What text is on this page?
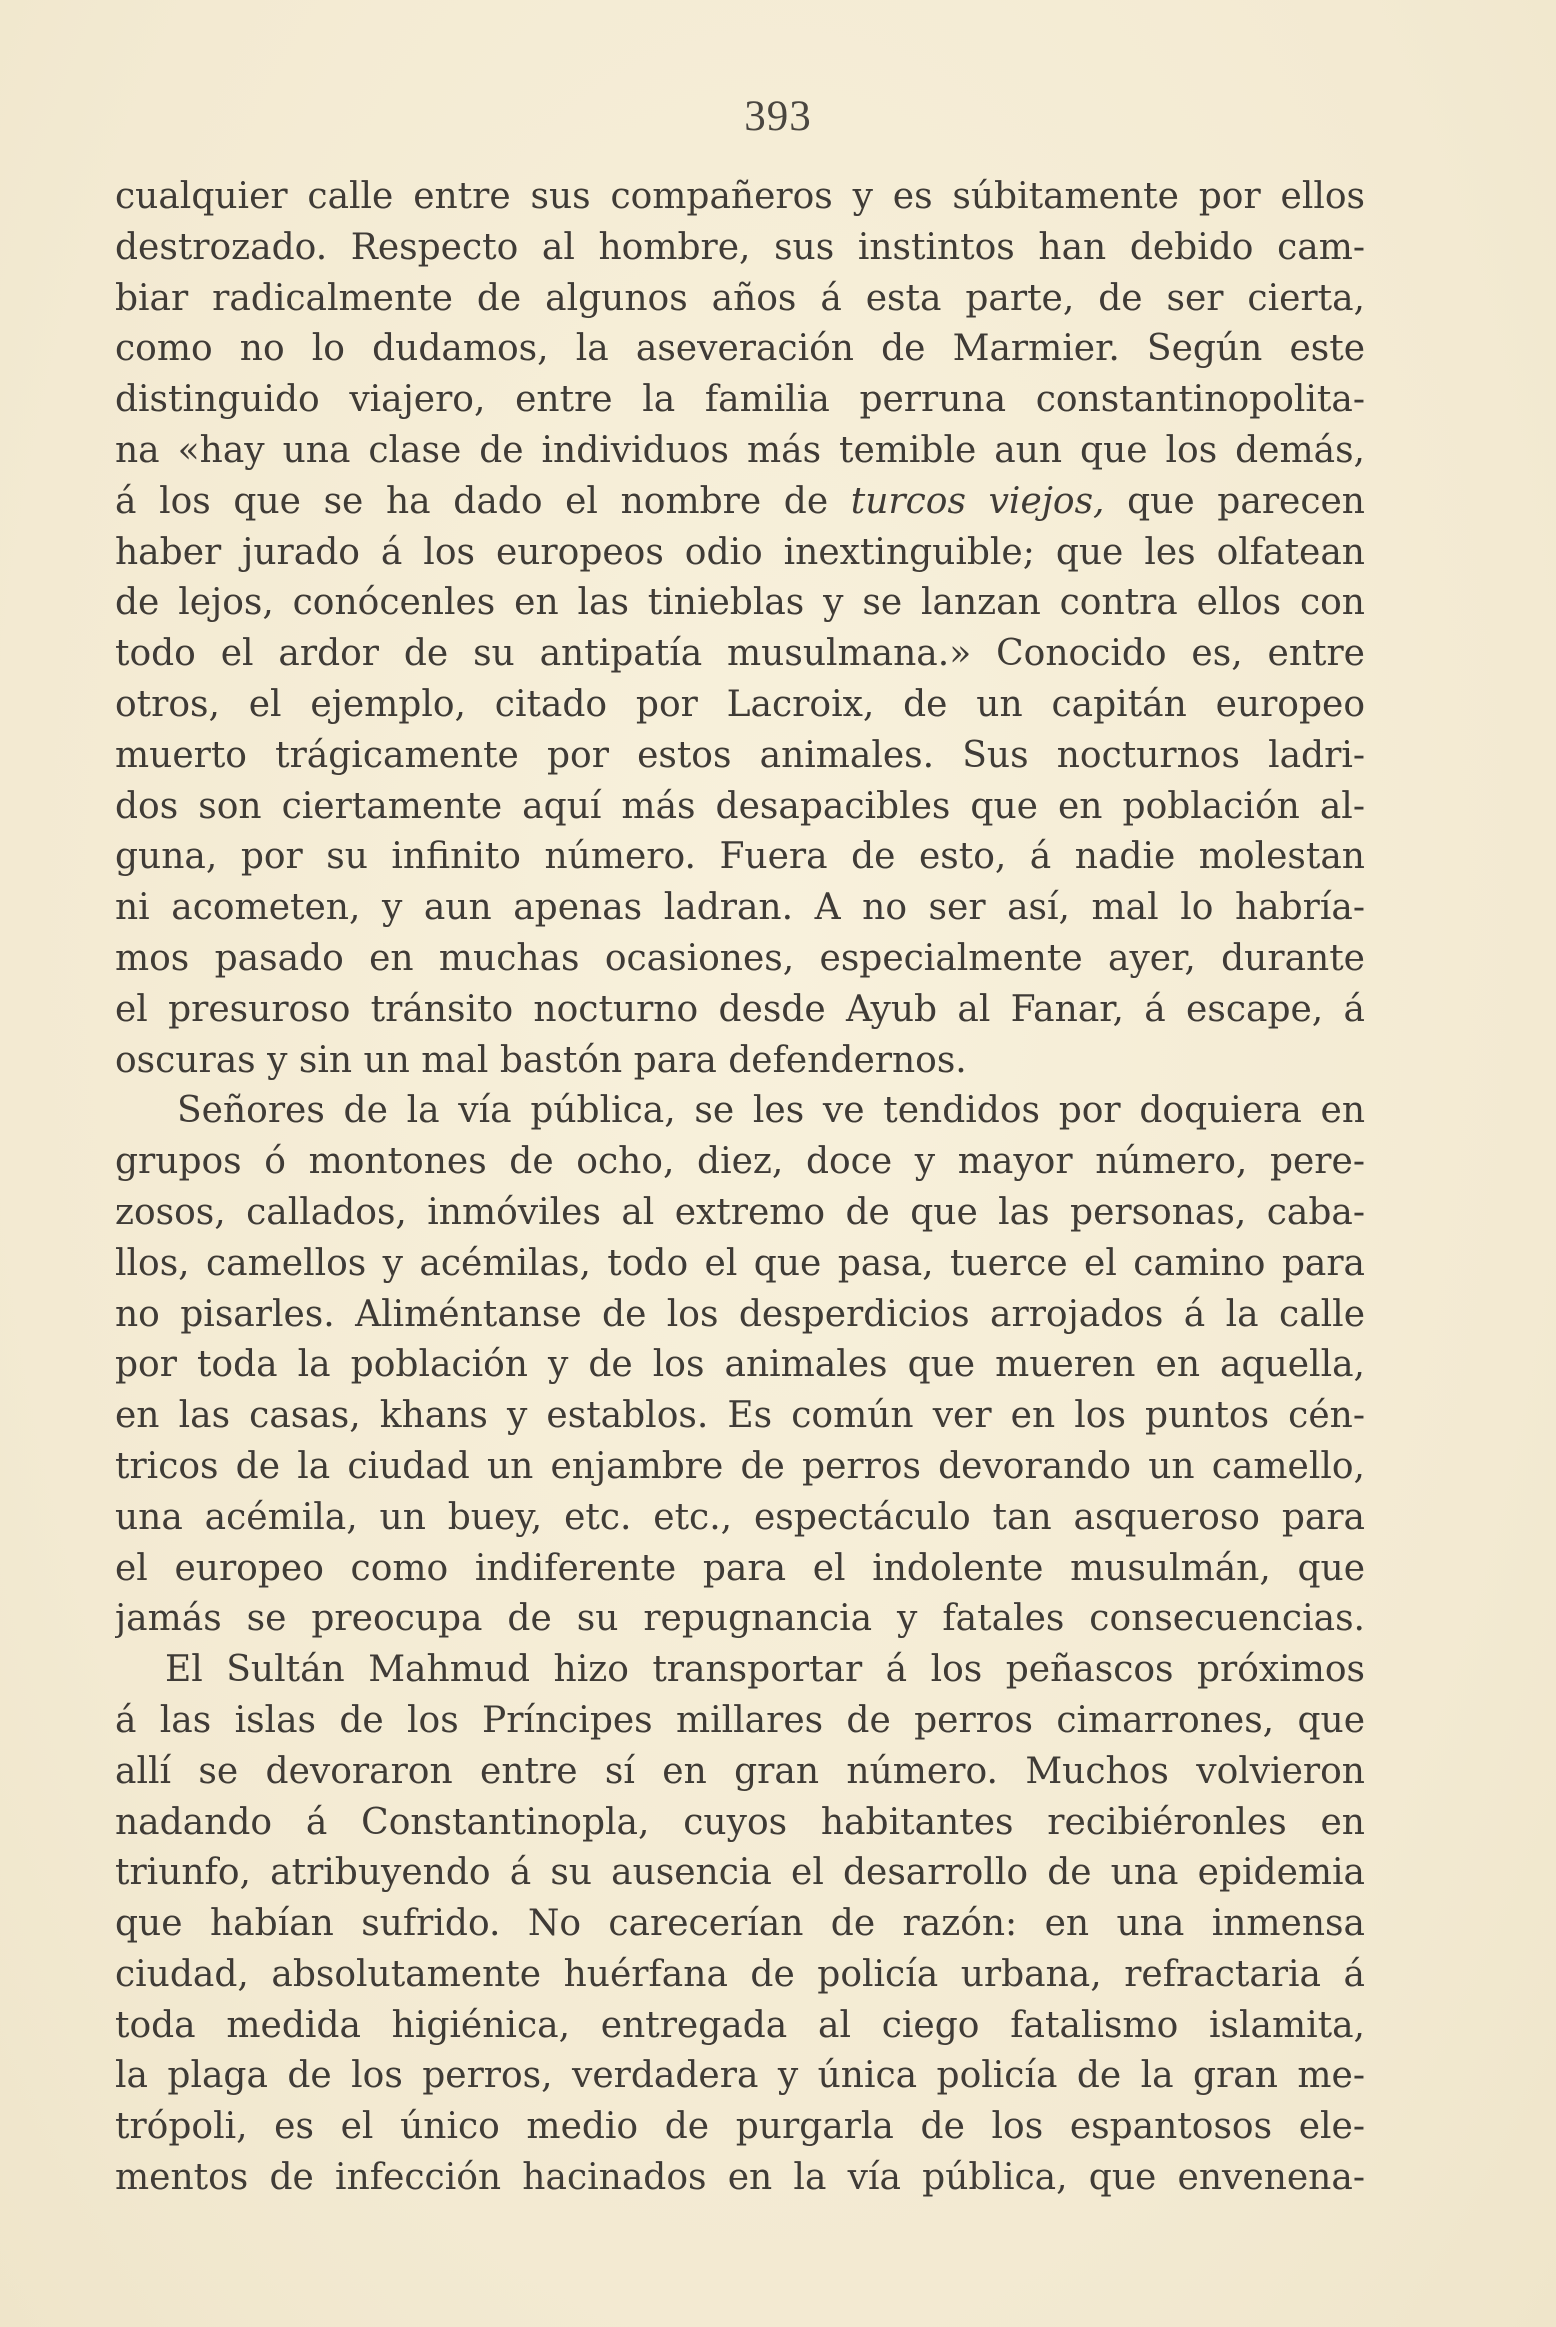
393
cualquier calle entre sus compañeros y es súbitamente por ellos
destrozado. Respecto al hombre, sus instintos han debido cam-
biar radicalmente de algunos años á esta parte, de ser cierta,
como no lo dudamos, la aseveración de Marmier. Según este
distinguido viajero, entre la familia perruna constantinopolita-
na «hay una clase de individuos más temible aun que los demás,
á los que se ha dado el nombre de turcos viejos, que parecen
haber jurado á los europeos odio inextinguible; que les olfatean
de lejos, conócenles en las tinieblas y se lanzan contra ellos con
todo el ardor de su antipatía musulmana.» Conocido es, entre
otros, el ejemplo, citado por Lacroix, de un capitán europeo
muerto trágicamente por estos animales. Sus nocturnos ladri-
dos son ciertamente aquí más desapacibles que en población al-
guna, por su infinito número. Fuera de esto, á nadie molestan
ni acometen, y aun apenas ladran. A no ser así, mal lo habría-
mos pasado en muchas ocasiones, especialmente ayer, durante
el presuroso tránsito nocturno desde Ayub al Fanar, á escape, á
oscuras y sin un mal bastón para defendernos.
Señores de la vía pública, se les ve tendidos por doquiera en
grupos ó montones de ocho, diez, doce y mayor número, pere-
zosos, callados, inmóviles al extremo de que las personas, caba-
llos, camellos y acémilas, todo el que pasa, tuerce el camino para
no pisarles. Aliméntanse de los desperdicios arrojados á la calle
por toda la población y de los animales que mueren en aquella,
en las casas, khans y establos. Es común ver en los puntos cén-
tricos de la ciudad un enjambre de perros devorando un camello,
una acémila, un buey, etc. etc., espectáculo tan asqueroso para
el europeo como indiferente para el indolente musulmán, que
jamás se preocupa de su repugnancia y fatales consecuencias.
El Sultán Mahmud hizo transportar á los peñascos próximos
á las islas de los Príncipes millares de perros cimarrones, que
allí se devoraron entre sí en gran número. Muchos volvieron
nadando á Constantinopla, cuyos habitantes recibiéronles en
triunfo, atribuyendo á su ausencia el desarrollo de una epidemia
que habían sufrido. No carecerían de razón: en una inmensa
ciudad, absolutamente huérfana de policía urbana, refractaria á
toda medida higiénica, entregada al ciego fatalismo islamita,
la plaga de los perros, verdadera y única policía de la gran me-
trópoli, es el único medio de purgarla de los espantosos ele-
mentos de infección hacinados en la vía pública, que envenena-
